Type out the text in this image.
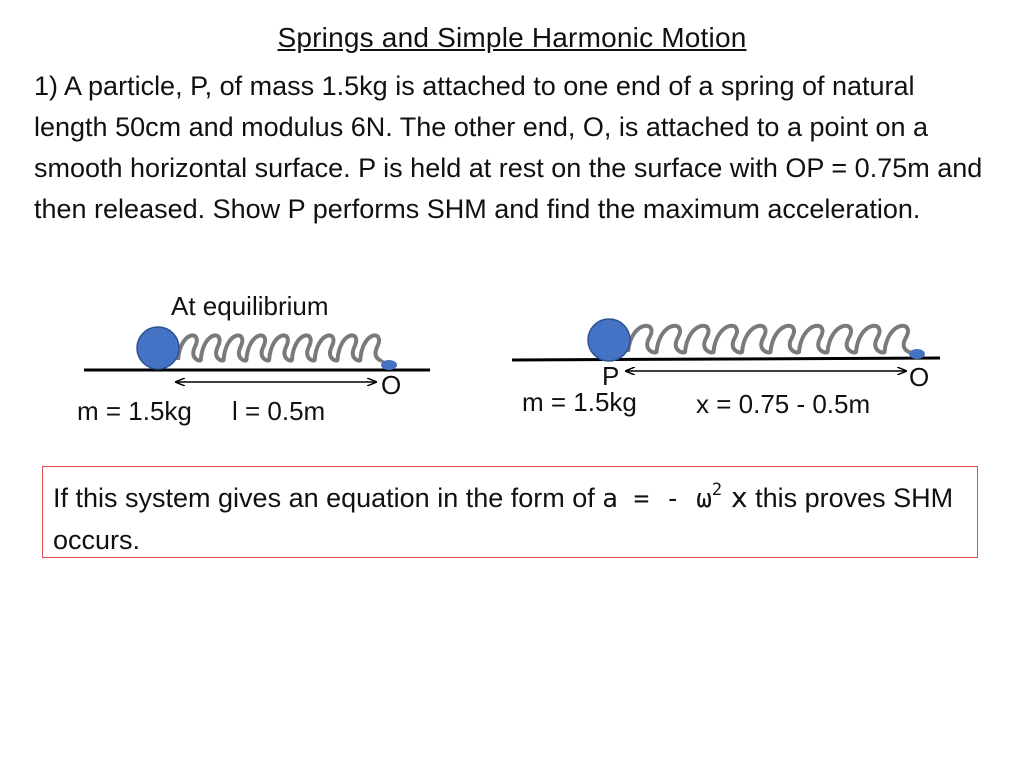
Springs and Simple Harmonic Motion
1) A particle, P, of mass 1.5kg is attached to one end of a spring of natural length 50cm and modulus 6N. The other end, O, is attached to a point on a smooth horizontal surface. P is held at rest on the surface with OP = 0.75m and then released. Show P performs SHM and find the maximum acceleration.
At equilibrium
O
m = 1.5kg l = 0.5m
P	O
m = 1.5kg x = 0.75 - 0.5m
If this system gives an equation in the form of a = - $\omega^2$ x this proves SHM occurs.
